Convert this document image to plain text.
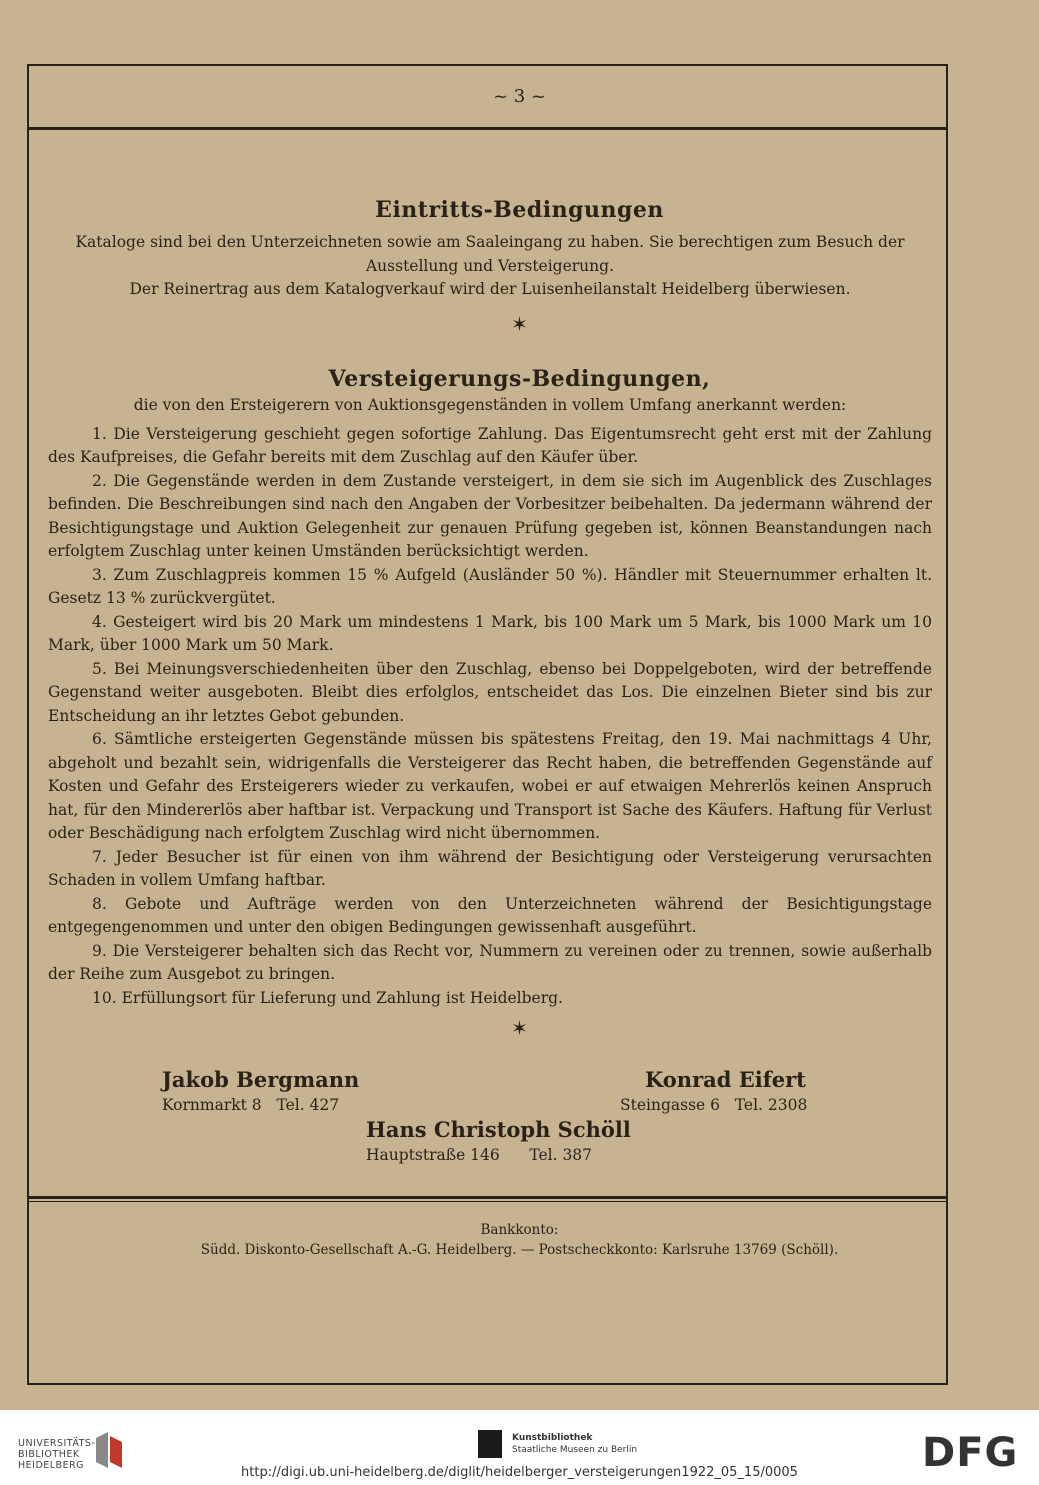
~ 3 ~
Eintritts-Bedingungen
Kataloge sind bei den Unterzeichneten sowie am Saaleingang zu haben. Sie berechtigen zum Besuch der Ausstellung und Versteigerung.
Der Reinertrag aus dem Katalogverkauf wird der Luisenheilanstalt Heidelberg überwiesen.
✶
Versteigerungs-Bedingungen,
die von den Ersteigerern von Auktionsgegenständen in vollem Umfang anerkannt werden:
1. Die Versteigerung geschieht gegen sofortige Zahlung. Das Eigentumsrecht geht erst mit der Zahlung des Kaufpreises, die Gefahr bereits mit dem Zuschlag auf den Käufer über.
2. Die Gegenstände werden in dem Zustande versteigert, in dem sie sich im Augenblick des Zuschlages befinden. Die Beschreibungen sind nach den Angaben der Vorbesitzer beibehalten. Da jedermann während der Besichtigungstage und Auktion Gelegenheit zur genauen Prüfung gegeben ist, können Beanstandungen nach erfolgtem Zuschlag unter keinen Umständen berücksichtigt werden.
3. Zum Zuschlagpreis kommen 15 % Aufgeld (Ausländer 50 %). Händler mit Steuernummer erhalten lt. Gesetz 13 % zurückvergütet.
4. Gesteigert wird bis 20 Mark um mindestens 1 Mark, bis 100 Mark um 5 Mark, bis 1000 Mark um 10 Mark, über 1000 Mark um 50 Mark.
5. Bei Meinungsverschiedenheiten über den Zuschlag, ebenso bei Doppelgeboten, wird der betreffende Gegenstand weiter ausgeboten. Bleibt dies erfolglos, entscheidet das Los. Die einzelnen Bieter sind bis zur Entscheidung an ihr letztes Gebot gebunden.
6. Sämtliche ersteigerten Gegenstände müssen bis spätestens Freitag, den 19. Mai nachmittags 4 Uhr, abgeholt und bezahlt sein, widrigenfalls die Versteigerer das Recht haben, die betreffenden Gegenstände auf Kosten und Gefahr des Ersteigerers wieder zu verkaufen, wobei er auf etwaigen Mehrerlös keinen Anspruch hat, für den Mindererlös aber haftbar ist. Verpackung und Transport ist Sache des Käufers. Haftung für Verlust oder Beschädigung nach erfolgtem Zuschlag wird nicht übernommen.
7. Jeder Besucher ist für einen von ihm während der Besichtigung oder Versteigerung verursachten Schaden in vollem Umfang haftbar.
8. Gebote und Aufträge werden von den Unterzeichneten während der Besichtigungstage entgegengenommen und unter den obigen Bedingungen gewissenhaft ausgeführt.
9. Die Versteigerer behalten sich das Recht vor, Nummern zu vereinen oder zu trennen, sowie außerhalb der Reihe zum Ausgebot zu bringen.
10. Erfüllungsort für Lieferung und Zahlung ist Heidelberg.
✶
Jakob Bergmann
Kornmarkt 8 Tel. 427
Konrad Eifert
Steingasse 6 Tel. 2308
Hans Christoph Schöll
Hauptstraße 146 Tel. 387
Bankkonto:
Südd. Diskonto-Gesellschaft A.-G. Heidelberg. — Postscheckkonto: Karlsruhe 13769 (Schöll).
UNIVERSITÄTS-
BIBLIOTHEK
HEIDELBERG
Kunstbibliothek
Staatliche Museen zu Berlin	DFG
http://digi.ub.uni-heidelberg.de/diglit/heidelberger_versteigerungen1922_05_15/0005
